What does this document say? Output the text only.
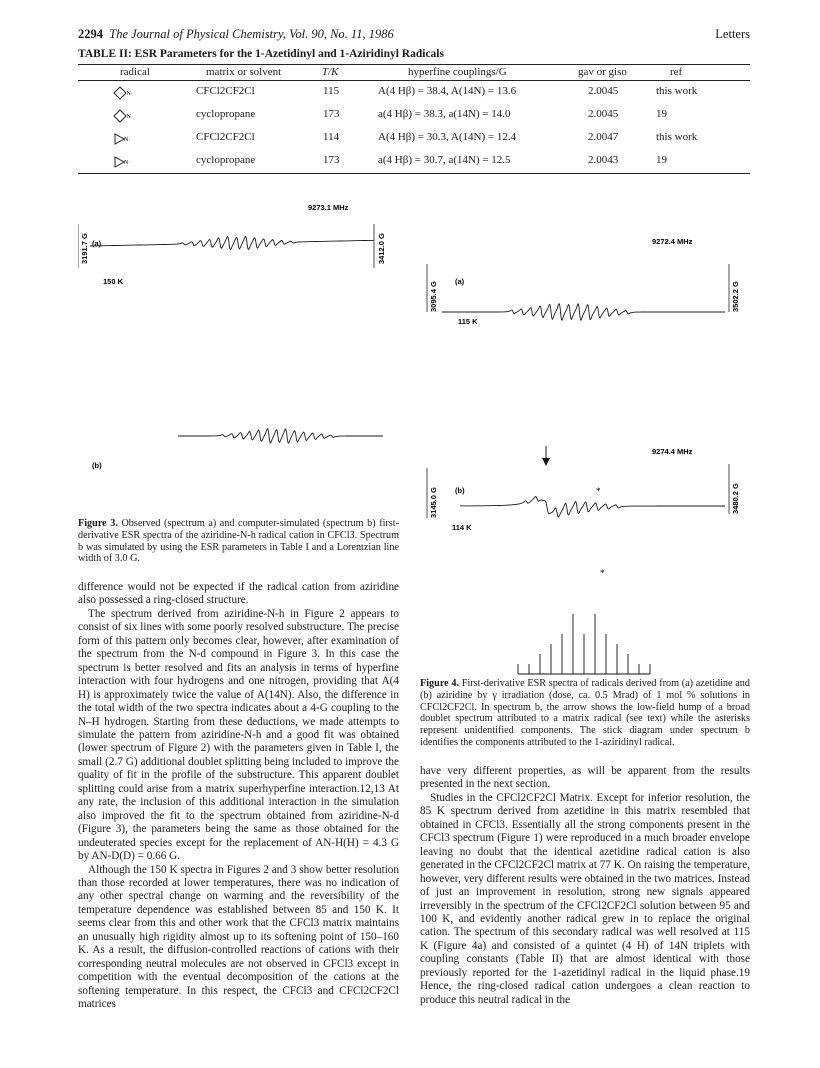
2294 The Journal of Physical Chemistry, Vol. 90, No. 11, 1986	Letters
TABLE II: ESR Parameters for the 1-Azetidinyl and 1-Aziridinyl Radicals
radical	matrix or solvent	T/K	hyperfine couplings/G	gav or giso	ref
N·	CFCl2CF2Cl	115	A(4 Hβ) = 38.4, A(14N) = 13.6	2.0045	this work
N·	cyclopropane	173	a(4 Hβ) = 38.3, a(14N) = 14.0	2.0045	19
N·	CFCl2CF2Cl	114	A(4 Hβ) = 30.3, A(14N) = 12.4	2.0047	this work
N·	cyclopropane	173	a(4 Hβ) = 30.7, a(14N) = 12.5	2.0043	19
9273.1 MHz
(a)
(b)
150 K
3191.7 G	3412.0 G
Figure 3. Observed (spectrum a) and computer-simulated (spectrum b) first-derivative ESR spectra of the aziridine-N-h radical cation in CFCl3. Spectrum b was simulated by using the ESR parameters in Table I and a Lorentzian line width of 3.0 G.

difference would not be expected if the radical cation from aziridine also possessed a ring-closed structure.

The spectrum derived from aziridine-N-h in Figure 2 appears to consist of six lines with some poorly resolved substructure. The precise form of this pattern only becomes clear, however, after examination of the spectrum from the N-d compound in Figure 3. In this case the spectrum is better resolved and fits an analysis in terms of hyperfine interaction with four hydrogens and one nitrogen, providing that A(4 H) is approximately twice the value of A(14N). Also, the difference in the total width of the two spectra indicates about a 4-G coupling to the N–H hydrogen. Starting from these deductions, we made attempts to simulate the pattern from aziridine-N-h and a good fit was obtained (lower spectrum of Figure 2) with the parameters given in Table I, the small (2.7 G) additional doublet splitting being included to improve the quality of fit in the profile of the substructure. This apparent doublet splitting could arise from a matrix superhyperfine interaction.12,13 At any rate, the inclusion of this additional interaction in the simulation also improved the fit to the spectrum obtained from aziridine-N-d (Figure 3), the parameters being the same as those obtained for the undeuterated species except for the replacement of AN-H(H) = 4.3 G by AN-D(D) = 0.66 G.

Although the 150 K spectra in Figures 2 and 3 show better resolution than those recorded at lower temperatures, there was no indication of any other spectral change on warming and the reversibility of the temperature dependence was established between 85 and 150 K. It seems clear from this and other work that the CFCl3 matrix maintains an unusually high rigidity almost up to its softening point of 150–160 K. As a result, the diffusion-controlled reactions of cations with their corresponding neutral molecules are not observed in CFCl3 except in competition with the eventual decomposition of the cations at the softening temperature. In this respect, the CFCl3 and CFCl2CF2Cl matrices

9272.4 MHz
(a)
115 K
3095.4 G	3502.2 G
9274.4 MHz
(b)
114 K
3145.0 G	3480.2 G
*
*
Figure 4. First-derivative ESR spectra of radicals derived from (a) azetidine and (b) aziridine by γ irradiation (dose, ca. 0.5 Mrad) of 1 mol % solutions in CFCl2CF2Cl. In spectrum b, the arrow shows the low-field hump of a broad doublet spectrum attributed to a matrix radical (see text) while the asterisks represent unidentified components. The stick diagram under spectrum b identifies the components attributed to the 1-aziridinyl radical.

have very different properties, as will be apparent from the results presented in the next section.

Studies in the CFCl2CF2Cl Matrix. Except for inferior resolution, the 85 K spectrum derived from azetidine in this matrix resembled that obtained in CFCl3. Essentially all the strong components present in the CFCl3 spectrum (Figure 1) were reproduced in a much broader envelope leaving no doubt that the identical azetidine radical cation is also generated in the CFCl2CF2Cl matrix at 77 K. On raising the temperature, however, very different results were obtained in the two matrices. Instead of just an improvement in resolution, strong new signals appeared irreversibly in the spectrum of the CFCl2CF2Cl solution between 95 and 100 K, and evidently another radical grew in to replace the original cation. The spectrum of this secondary radical was well resolved at 115 K (Figure 4a) and consisted of a quintet (4 H) of 14N triplets with coupling constants (Table II) that are almost identical with those previously reported for the 1-azetidinyl radical in the liquid phase.19 Hence, the ring-closed radical cation undergoes a clean reaction to produce this neutral radical in the
